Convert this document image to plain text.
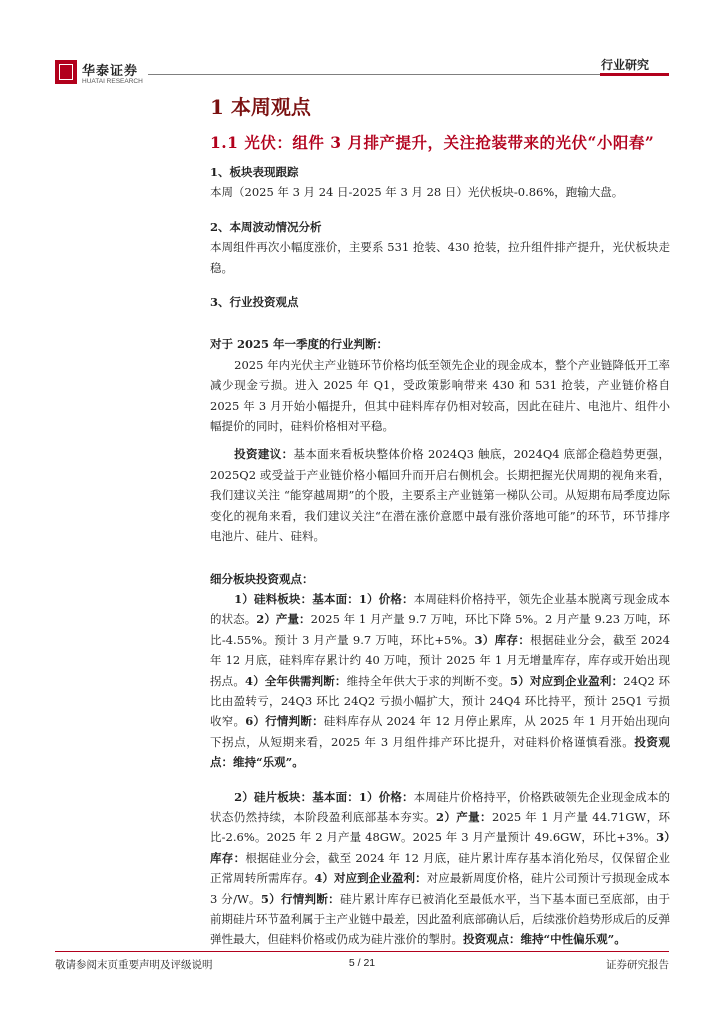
华泰证券
HUATAI RESEARCH
行业研究
1 本周观点
1.1 光伏：组件 3 月排产提升，关注抢装带来的光伏“小阳春”
1、板块表现跟踪

本周（2025 年 3 月 24 日-2025 年 3 月 28 日）光伏板块-0.86%，跑输大盘。

2、本周波动情况分析

本周组件再次小幅度涨价，主要系 531 抢装、430 抢装，拉升组件排产提升，光伏板块走稳。

3、行业投资观点
对于 2025 年一季度的行业判断：

2025 年内光伏主产业链环节价格均低至领先企业的现金成本，整个产业链降低开工率减少现金亏损。进入 2025 年 Q1，受政策影响带来 430 和 531 抢装，产业链价格自 2025 年 3 月开始小幅提升，但其中硅料库存仍相对较高，因此在硅片、电池片、组件小幅提价的同时，硅料价格相对平稳。

投资建议：基本面来看板块整体价格 2024Q3 触底，2024Q4 底部企稳趋势更强，2025Q2 或受益于产业链价格小幅回升而开启右侧机会。长期把握光伏周期的视角来看，我们建议关注 “能穿越周期”的个股，主要系主产业链第一梯队公司。从短期布局季度边际变化的视角来看，我们建议关注“在潜在涨价意愿中最有涨价落地可能”的环节，环节排序电池片、硅片、硅料。

细分板块投资观点：

1）硅料板块：基本面：1）价格：本周硅料价格持平，领先企业基本脱离亏现金成本的状态。2）产量：2025 年 1 月产量 9.7 万吨，环比下降 5%。2 月产量 9.23 万吨，环比-4.55%。预计 3 月产量 9.7 万吨，环比+5%。3）库存：根据硅业分会，截至 2024 年 12 月底，硅料库存累计约 40 万吨，预计 2025 年 1 月无增量库存，库存或开始出现拐点。4）全年供需判断：维持全年供大于求的判断不变。5）对应到企业盈利：24Q2 环比由盈转亏，24Q3 环比 24Q2 亏损小幅扩大，预计 24Q4 环比持平，预计 25Q1 亏损收窄。6）行情判断：硅料库存从 2024 年 12 月停止累库，从 2025 年 1 月开始出现向下拐点，从短期来看，2025 年 3 月组件排产环比提升，对硅料价格谨慎看涨。投资观点：维持“乐观”。

2）硅片板块：基本面：1）价格：本周硅片价格持平，价格跌破领先企业现金成本的状态仍然持续，本阶段盈利底部基本夯实。2）产量：2025 年 1 月产量 44.71GW，环比-2.6%。2025 年 2 月产量 48GW。2025 年 3 月产量预计 49.6GW，环比+3%。3）库存：根据硅业分会，截至 2024 年 12 月底，硅片累计库存基本消化殆尽，仅保留企业正常周转所需库存。4）对应到企业盈利：对应最新周度价格，硅片公司预计亏损现金成本 3 分/W。5）行情判断：硅片累计库存已被消化至最低水平，当下基本面已至底部，由于前期硅片环节盈利属于主产业链中最差，因此盈利底部确认后，后续涨价趋势形成后的反弹弹性最大，但硅料价格或仍成为硅片涨价的掣肘。投资观点：维持“中性偏乐观”。

敬请参阅末页重要声明及评级说明	5 / 21	证券研究报告
